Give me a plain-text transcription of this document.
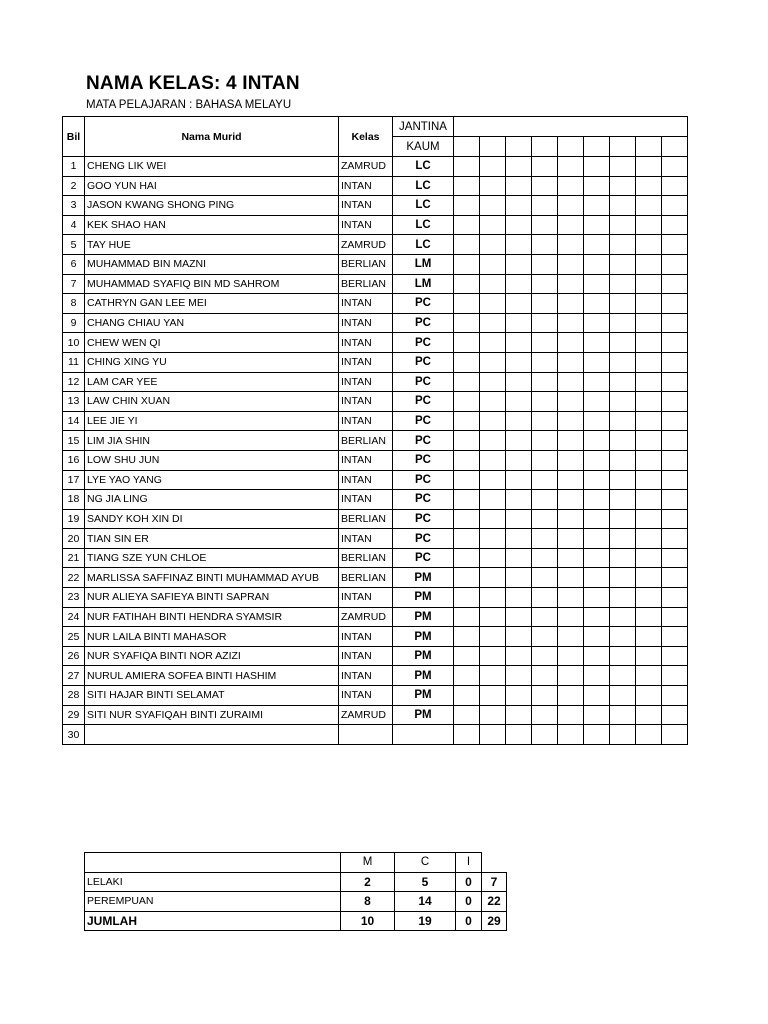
NAMA KELAS: 4 INTAN
MATA PELAJARAN : BAHASA MELAYU
Bil	Nama Murid	Kelas	JANTINA									
			KAUM									
1	CHENG LIK WEI	ZAMRUD	LC									
2	GOO YUN HAI	INTAN	LC									
3	JASON KWANG SHONG PING	INTAN	LC									
4	KEK SHAO HAN	INTAN	LC									
5	TAY HUE	ZAMRUD	LC									
6	MUHAMMAD BIN MAZNI	BERLIAN	LM									
7	MUHAMMAD SYAFIQ BIN MD SAHROM	BERLIAN	LM									
8	CATHRYN GAN LEE MEI	INTAN	PC									
9	CHANG CHIAU YAN	INTAN	PC									
10	CHEW WEN QI	INTAN	PC									
11	CHING XING YU	INTAN	PC									
12	LAM CAR YEE	INTAN	PC									
13	LAW CHIN XUAN	INTAN	PC									
14	LEE JIE YI	INTAN	PC									
15	LIM JIA SHIN	BERLIAN	PC									
16	LOW SHU JUN	INTAN	PC									
17	LYE YAO YANG	INTAN	PC									
18	NG JIA LING	INTAN	PC									
19	SANDY KOH XIN DI	BERLIAN	PC									
20	TIAN SIN ER	INTAN	PC									
21	TIANG SZE YUN CHLOE	BERLIAN	PC									
22	MARLISSA SAFFINAZ BINTI MUHAMMAD AYUB	BERLIAN	PM									
23	NUR ALIEYA SAFIEYA BINTI SAPRAN	INTAN	PM									
24	NUR FATIHAH BINTI HENDRA SYAMSIR	ZAMRUD	PM									
25	NUR LAILA BINTI MAHASOR	INTAN	PM									
26	NUR SYAFIQA BINTI NOR AZIZI	INTAN	PM									
27	NURUL AMIERA SOFEA BINTI HASHIM	INTAN	PM									
28	SITI HAJAR BINTI SELAMAT	INTAN	PM									
29	SITI NUR SYAFIQAH BINTI ZURAIMI	ZAMRUD	PM									
30												
	M	C	I	
LELAKI	2	5	0	7
PEREMPUAN	8	14	0	22
JUMLAH	10	19	0	29
